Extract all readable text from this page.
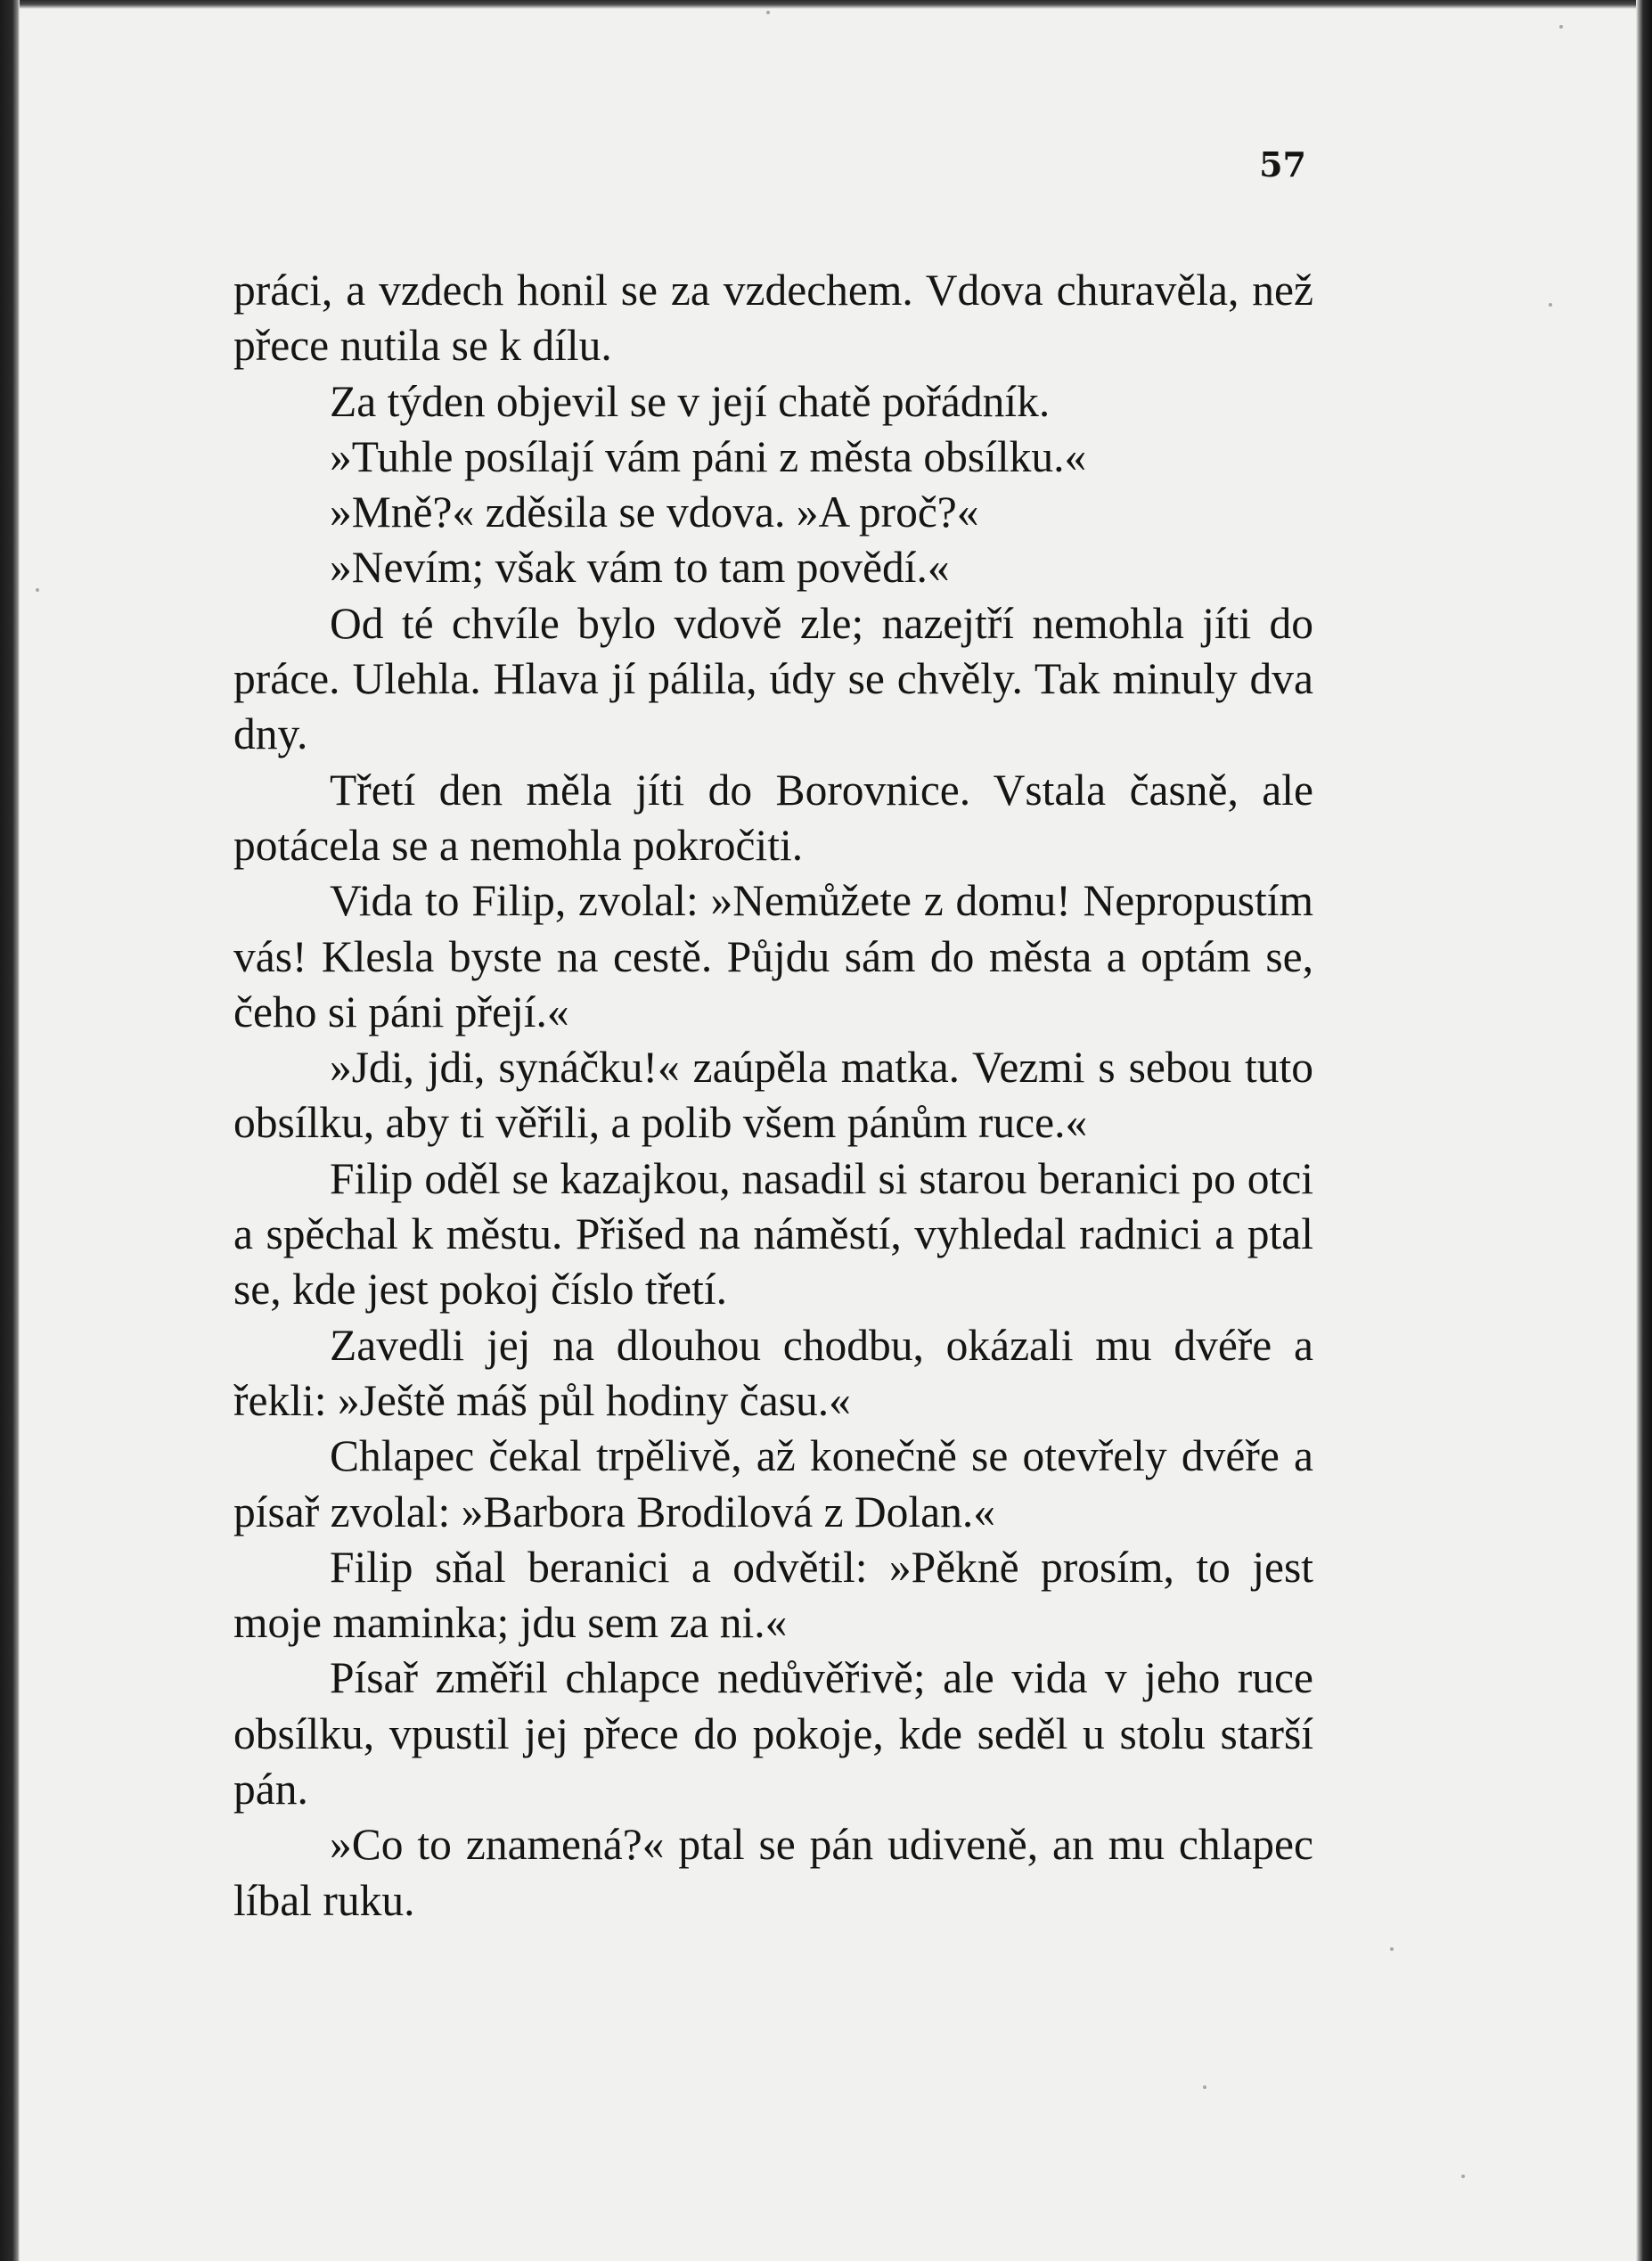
57

práci, a vzdech honil se za vzdechem. Vdova churavěla, než přece nutila se k dílu.

Za týden objevil se v její chatě pořádník.

»Tuhle posílají vám páni z města obsílku.«

»Mně?« zděsila se vdova. »A proč?«

»Nevím; však vám to tam povědí.«

Od té chvíle bylo vdově zle; nazejtří nemohla jíti do práce. Ulehla. Hlava jí pálila, údy se chvěly. Tak minuly dva dny.

Třetí den měla jíti do Borovnice. Vstala časně, ale potácela se a nemohla pokročiti.

Vida to Filip, zvolal: »Nemůžete z domu! Nepropustím vás! Klesla byste na cestě. Půjdu sám do města a optám se, čeho si páni přejí.«

»Jdi, jdi, synáčku!« zaúpěla matka. Vezmi s sebou tuto obsílku, aby ti věřili, a polib všem pánům ruce.«

Filip oděl se kazajkou, nasadil si starou beranici po otci a spěchal k městu. Přišed na náměstí, vyhledal radnici a ptal se, kde jest pokoj číslo třetí.

Zavedli jej na dlouhou chodbu, okázali mu dvéře a řekli: »Ještě máš půl hodiny času.«

Chlapec čekal trpělivě, až konečně se otevřely dvéře a písař zvolal: »Barbora Brodilová z Dolan.«

Filip sňal beranici a odvětil: »Pěkně prosím, to jest moje maminka; jdu sem za ni.«

Písař změřil chlapce nedůvěřivě; ale vida v jeho ruce obsílku, vpustil jej přece do pokoje, kde seděl u stolu starší pán.

»Co to znamená?« ptal se pán udiveně, an mu chlapec líbal ruku.
